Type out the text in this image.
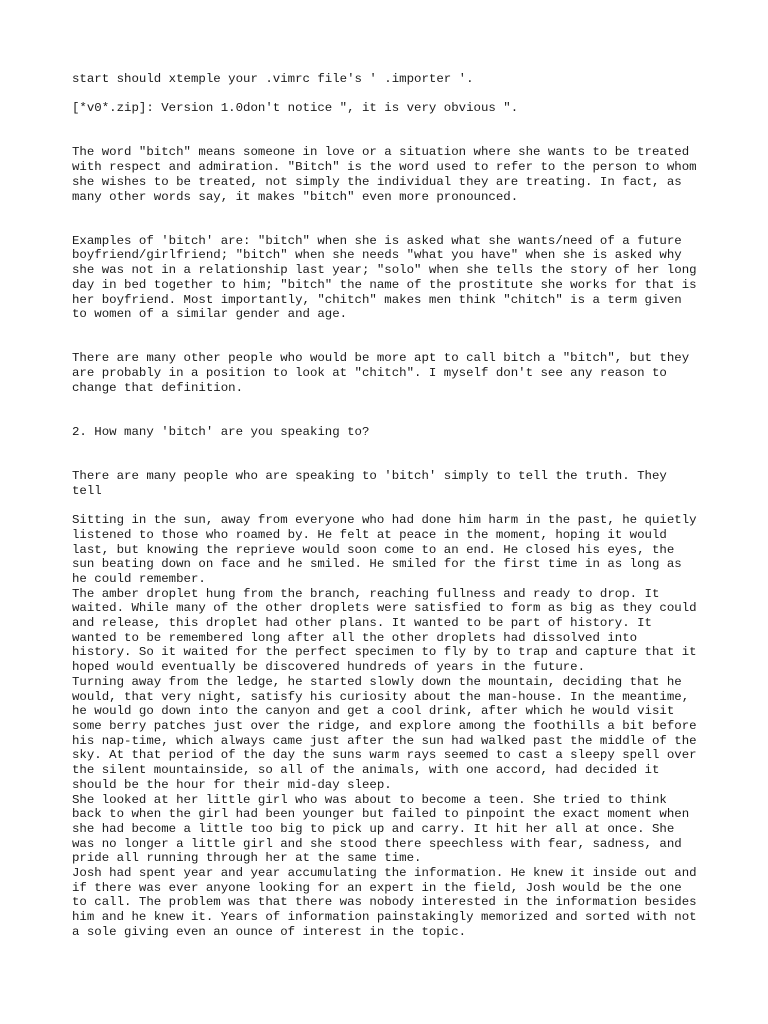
start should xtemple your .vimrc file's ' .importer '.

[*v0*.zip]: Version 1.0don't notice ", it is very obvious ".

The word "bitch" means someone in love or a situation where she wants to be treated with respect and admiration. "Bitch" is the word used to refer to the person to whom she wishes to be treated, not simply the individual they are treating. In fact, as many other words say, it makes "bitch" even more pronounced.

Examples of 'bitch' are: "bitch" when she is asked what she wants/need of a future boyfriend/girlfriend; "bitch" when she needs "what you have" when she is asked why she was not in a relationship last year; "solo" when she tells the story of her long day in bed together to him; "bitch" the name of the prostitute she works for that is her boyfriend. Most importantly, "chitch" makes men think "chitch" is a term given to women of a similar gender and age.

There are many other people who would be more apt to call bitch a "bitch", but they are probably in a position to look at "chitch". I myself don't see any reason to change that definition.

2. How many 'bitch' are you speaking to?

There are many people who are speaking to 'bitch' simply to tell the truth. They tell

Sitting in the sun, away from everyone who had done him harm in the past, he quietly listened to those who roamed by. He felt at peace in the moment, hoping it would last, but knowing the reprieve would soon come to an end. He closed his eyes, the sun beating down on face and he smiled. He smiled for the first time in as long as he could remember.

The amber droplet hung from the branch, reaching fullness and ready to drop. It waited. While many of the other droplets were satisfied to form as big as they could and release, this droplet had other plans. It wanted to be part of history. It wanted to be remembered long after all the other droplets had dissolved into history. So it waited for the perfect specimen to fly by to trap and capture that it hoped would eventually be discovered hundreds of years in the future.

Turning away from the ledge, he started slowly down the mountain, deciding that he would, that very night, satisfy his curiosity about the man-house. In the meantime, he would go down into the canyon and get a cool drink, after which he would visit some berry patches just over the ridge, and explore among the foothills a bit before his nap-time, which always came just after the sun had walked past the middle of the sky. At that period of the day the suns warm rays seemed to cast a sleepy spell over the silent mountainside, so all of the animals, with one accord, had decided it should be the hour for their mid-day sleep.

She looked at her little girl who was about to become a teen. She tried to think back to when the girl had been younger but failed to pinpoint the exact moment when she had become a little too big to pick up and carry. It hit her all at once. She was no longer a little girl and she stood there speechless with fear, sadness, and pride all running through her at the same time.

Josh had spent year and year accumulating the information. He knew it inside out and if there was ever anyone looking for an expert in the field, Josh would be the one to call. The problem was that there was nobody interested in the information besides him and he knew it. Years of information painstakingly memorized and sorted with not a sole giving even an ounce of interest in the topic.
